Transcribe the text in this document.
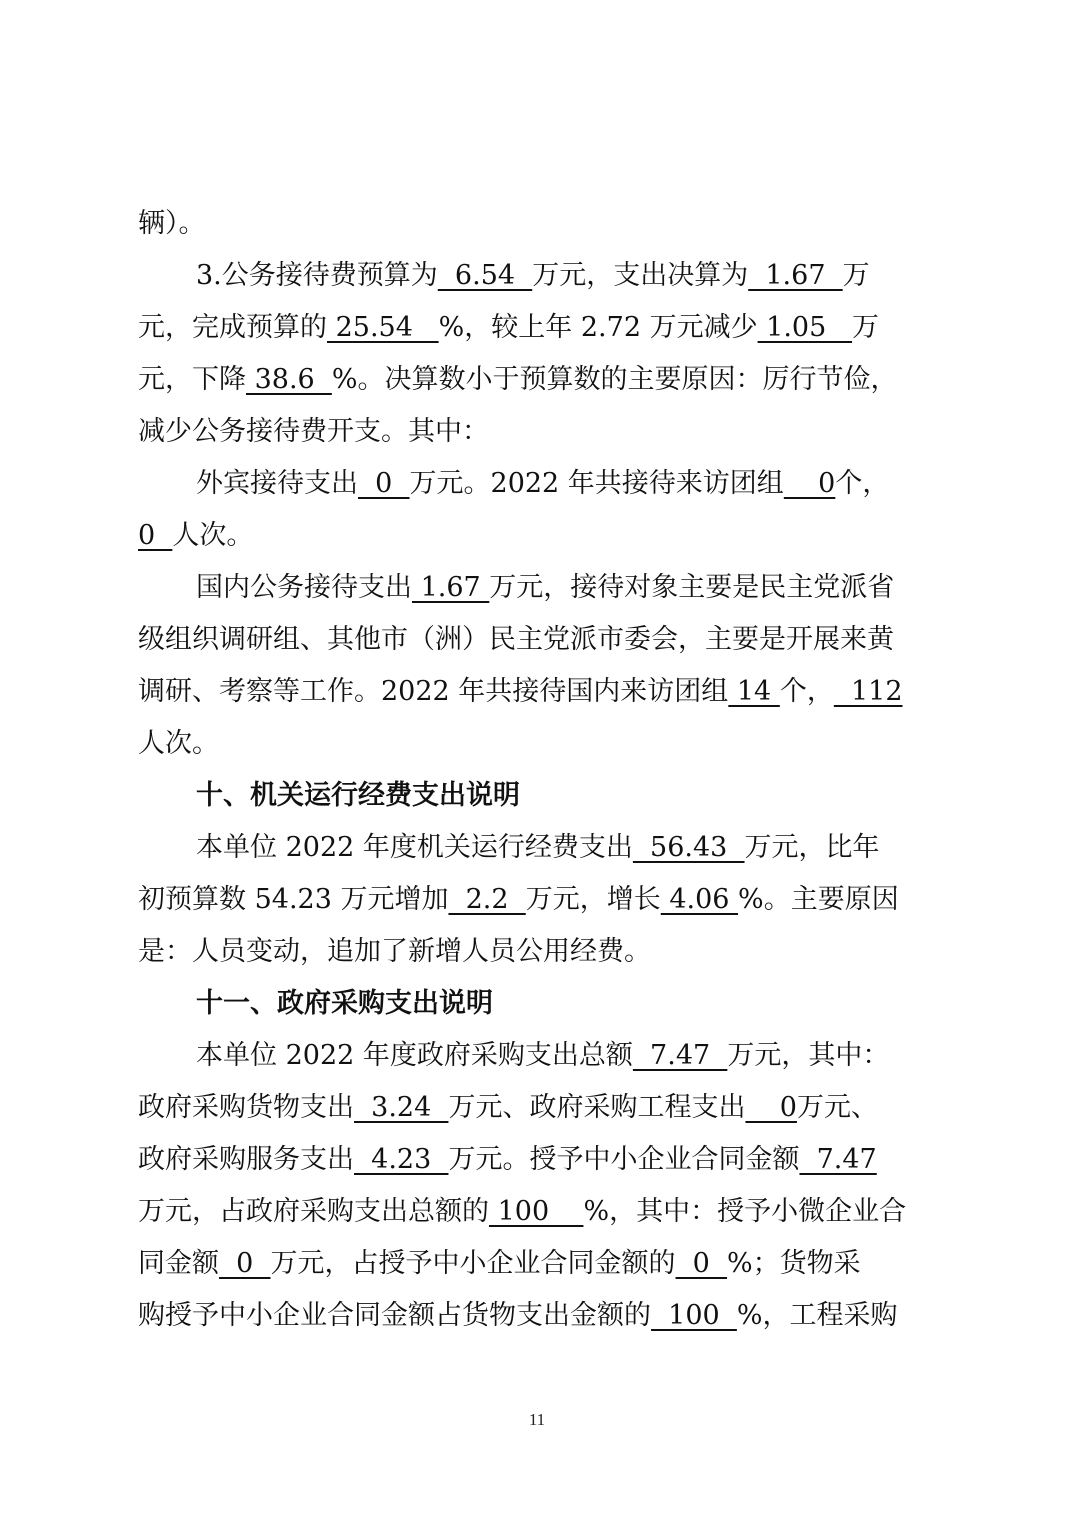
辆）。

3.公务接待费预算为  6.54  万元，支出决算为  1.67  万

元，完成预算的 25.54   %，较上年 2.72 万元减少 1.05   万

元，下降 38.6  %。决算数小于预算数的主要原因：厉行节俭，

减少公务接待费开支。其中：

外宾接待支出  0  万元。2022 年共接待来访团组    0个，

0  人次。

国内公务接待支出 1.67 万元，接待对象主要是民主党派省

级组织调研组、其他市（洲）民主党派市委会，主要是开展来黄

调研、考察等工作。2022 年共接待国内来访团组 14 个，  112

人次。

十、机关运行经费支出说明

本单位 2022 年度机关运行经费支出  56.43  万元，比年

初预算数 54.23 万元增加  2.2  万元，增长 4.06 %。主要原因

是：人员变动，追加了新增人员公用经费。

十一、政府采购支出说明

本单位 2022 年度政府采购支出总额  7.47  万元，其中：

政府采购货物支出  3.24  万元、政府采购工程支出    0万元、

政府采购服务支出  4.23  万元。授予中小企业合同金额  7.47

万元，占政府采购支出总额的 100    %，其中：授予小微企业合

同金额  0  万元，占授予中小企业合同金额的  0  %；货物采

购授予中小企业合同金额占货物支出金额的  100  %，工程采购

11
